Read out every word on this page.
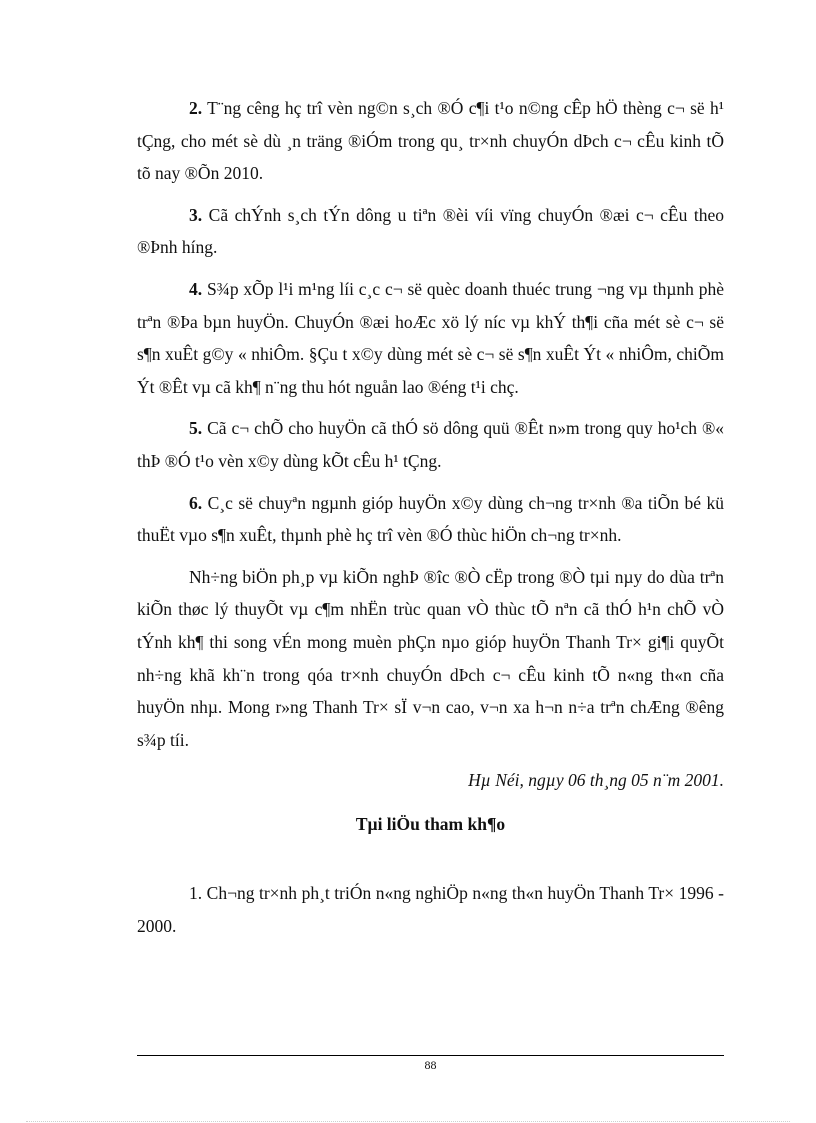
2. T¨ng cêng hç trî vèn ng©n s¸ch ®Ó c¶i t¹o n©ng cÊp hÖ thèng c¬ së h¹ tÇng, cho mét sè dù ¸n träng ®iÓm trong qu¸ tr×nh chuyÓn dÞch c¬ cÊu kinh tÕ tõ nay ®Õn 2010.

3. Cã chÝnh s¸ch tÝn dông u tiªn ®èi víi vïng chuyÓn ®æi c¬ cÊu theo ®Þnh híng.

4. S¾p xÕp l¹i m¹ng líi c¸c c¬ së quèc doanh thuéc trung ¬ng vµ thµnh phè trªn ®Þa bµn huyÖn. ChuyÓn ®æi hoÆc xö lý níc vµ khÝ th¶i cña mét sè c¬ së s¶n xuÊt g©y « nhiÔm. §Çu t x©y dùng mét sè c¬ së s¶n xuÊt Ýt « nhiÔm, chiÕm Ýt ®Êt vµ cã kh¶ n¨ng thu hót nguån lao ®éng t¹i chç.

5. Cã c¬ chÕ cho huyÖn cã thÓ sö dông quü ®Êt n»m trong quy ho¹ch ®« thÞ ®Ó t¹o vèn x©y dùng kÕt cÊu h¹ tÇng.

6. C¸c së chuyªn ngµnh gióp huyÖn x©y dùng ch¬ng tr×nh ®a tiÕn bé kü thuËt vµo s¶n xuÊt, thµnh phè hç trî vèn ®Ó thùc hiÖn ch¬ng tr×nh.

Nh÷ng biÖn ph¸p vµ kiÕn nghÞ ®îc ®Ò cËp trong ®Ò tµi nµy do dùa trªn kiÕn thøc lý thuyÕt vµ c¶m nhËn trùc quan vÒ thùc tÕ nªn cã thÓ h¹n chÕ vÒ tÝnh kh¶ thi song vÉn mong muèn phÇn nµo gióp huyÖn Thanh Tr× gi¶i quyÕt nh÷ng khã kh¨n trong qóa tr×nh chuyÓn dÞch c¬ cÊu kinh tÕ n«ng th«n cña huyÖn nhµ. Mong r»ng Thanh Tr× sÏ v¬n cao, v¬n xa h¬n n÷a trªn chÆng ®êng s¾p tíi.

Hµ Néi, ngµy 06 th¸ng 05 n¨m 2001.
Tµi liÖu tham kh¶o

1. Ch¬ng tr×nh ph¸t triÓn n«ng nghiÖp n«ng th«n huyÖn Thanh Tr× 1996 - 2000.

88
